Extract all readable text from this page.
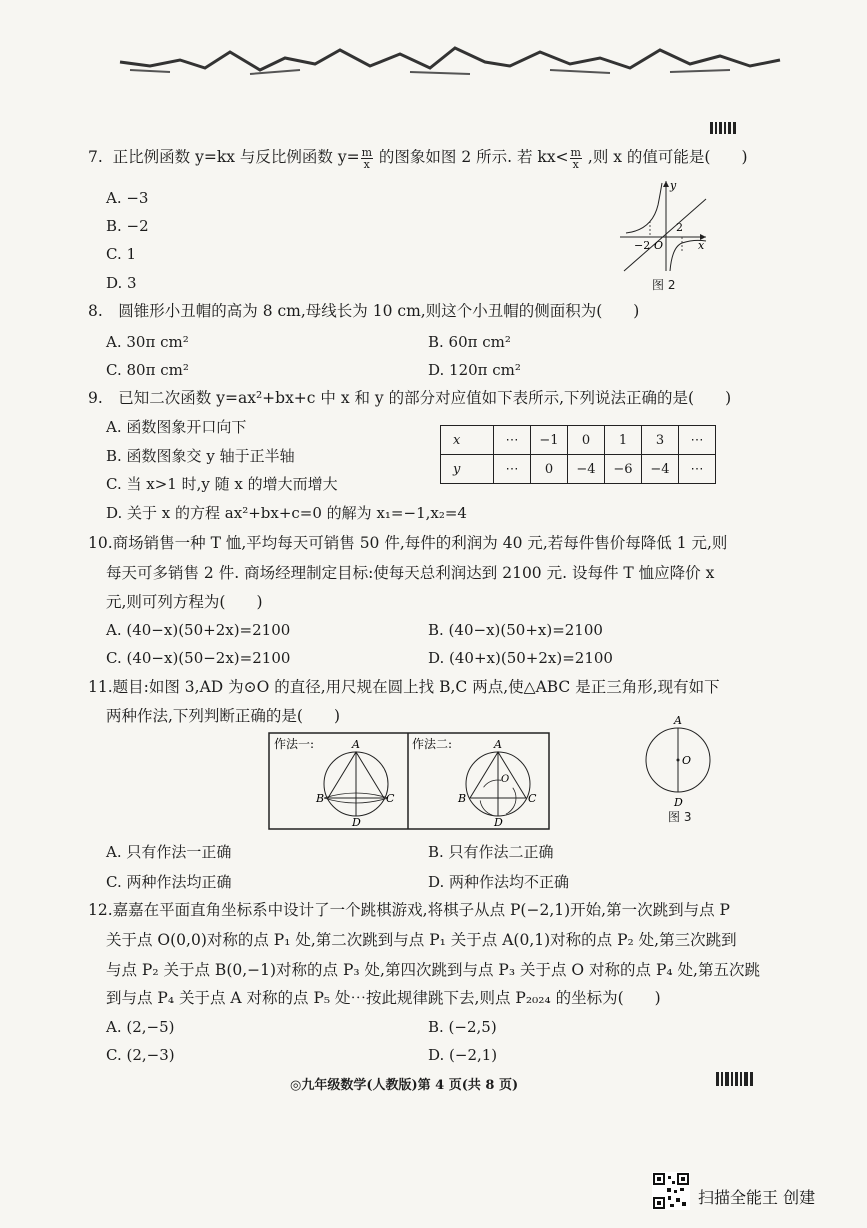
7. 正比例函数 y=kx 与反比例函数 $y= \frac{m}{x}$ 的图象如图 2 所示. 若 $kx< \frac{m}{x}$ ,则 x 的值可能是(　　)
A. −3
B. −2
C. 1
D. 3
y
x
O
−2
2
图 2
8.　圆锥形小丑帽的高为 8 cm,母线长为 10 cm,则这个小丑帽的侧面积为(　　)
A. 30π cm²	B. 60π cm²
C. 80π cm²	D. 120π cm²
9.　已知二次函数 y=ax²+bx+c 中 x 和 y 的部分对应值如下表所示,下列说法正确的是(　　)
A. 函数图象开口向下
B. 函数图象交 y 轴于正半轴
C. 当 x>1 时,y 随 x 的增大而增大
D. 关于 x 的方程 ax²+bx+c=0 的解为 x₁=−1,x₂=4
x	⋯	−1	0	1	3	⋯
y	⋯	0	−4	−6	−4	⋯
10.商场销售一种 T 恤,平均每天可销售 50 件,每件的利润为 40 元,若每件售价每降低 1 元,则
每天可多销售 2 件. 商场经理制定目标:使每天总利润达到 2100 元. 设每件 T 恤应降价 x
元,则可列方程为(　　)
A. (40−x)(50+2x)=2100	B. (40−x)(50+x)=2100
C. (40−x)(50−2x)=2100	D. (40+x)(50+2x)=2100
11.题目:如图 3,AD 为⊙O 的直径,用尺规在圆上找 B,C 两点,使△ABC 是正三角形,现有如下
两种作法,下列判断正确的是(　　)
作法一:	A
B	C
D
作法二:
O
A
B	C
D
A
O
D
图 3
A. 只有作法一正确	B. 只有作法二正确
C. 两种作法均正确	D. 两种作法均不正确
12.嘉嘉在平面直角坐标系中设计了一个跳棋游戏,将棋子从点 P(−2,1)开始,第一次跳到与点 P
关于点 O(0,0)对称的点 P₁ 处,第二次跳到与点 P₁ 关于点 A(0,1)对称的点 P₂ 处,第三次跳到
与点 P₂ 关于点 B(0,−1)对称的点 P₃ 处,第四次跳到与点 P₃ 关于点 O 对称的点 P₄ 处,第五次跳
到与点 P₄ 关于点 A 对称的点 P₅ 处⋯按此规律跳下去,则点 P₂₀₂₄ 的坐标为(　　)
A. (2,−5)	B. (−2,5)
C. (2,−3)	D. (−2,1)
◎九年级数学(人教版)第 4 页(共 8 页)
扫描全能王 创建
